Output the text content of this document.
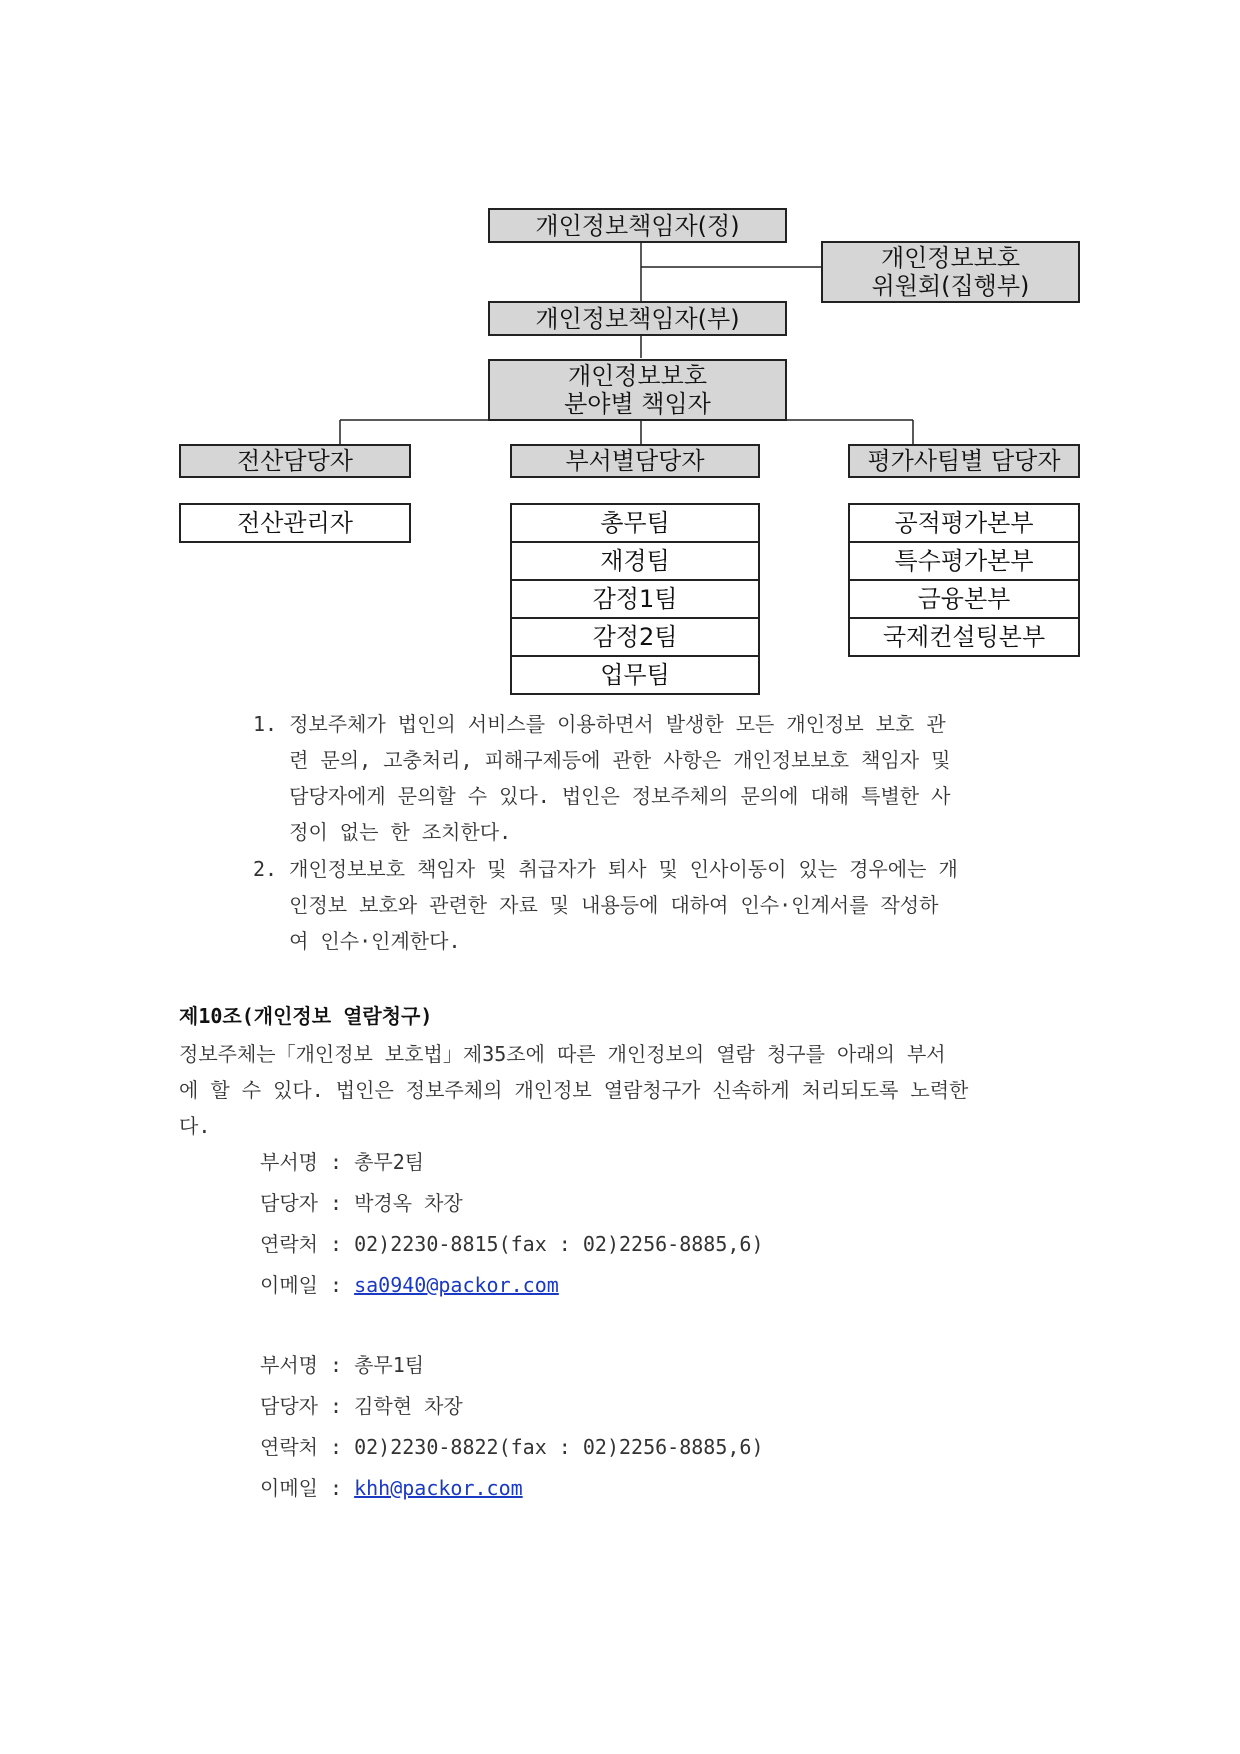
개인정보책임자(정)
개인정보보호
위원회(집행부)
개인정보책임자(부)
개인정보보호
분야별 책임자
전산담당자	부서별담당자	평가사팀별 담당자
전산관리자	총무팀
재경팀
감정1팀
감정2팀
업무팀
공적평가본부
특수평가본부
금융본부
국제컨설팅본부
1. 정보주체가 법인의 서비스를 이용하면서 발생한 모든 개인정보 보호 관
련 문의, 고충처리, 피해구제등에 관한 사항은 개인정보보호 책임자 및
담당자에게 문의할 수 있다. 법인은 정보주체의 문의에 대해 특별한 사
정이 없는 한 조치한다.
2. 개인정보보호 책임자 및 취급자가 퇴사 및 인사이동이 있는 경우에는 개
인정보 보호와 관련한 자료 및 내용등에 대하여 인수·인계서를 작성하
여 인수·인계한다.
제10조(개인정보 열람청구)
정보주체는「개인정보 보호법」제35조에 따른 개인정보의 열람 청구를 아래의 부서
에 할 수 있다. 법인은 정보주체의 개인정보 열람청구가 신속하게 처리되도록 노력한
다.
부서명 : 총무2팀
담당자 : 박경옥 차장
연락처 : 02)2230-8815(fax : 02)2256-8885,6)
이메일 : sa0940@packor.com
부서명 : 총무1팀
담당자 : 김학현 차장
연락처 : 02)2230-8822(fax : 02)2256-8885,6)
이메일 : khh@packor.com
